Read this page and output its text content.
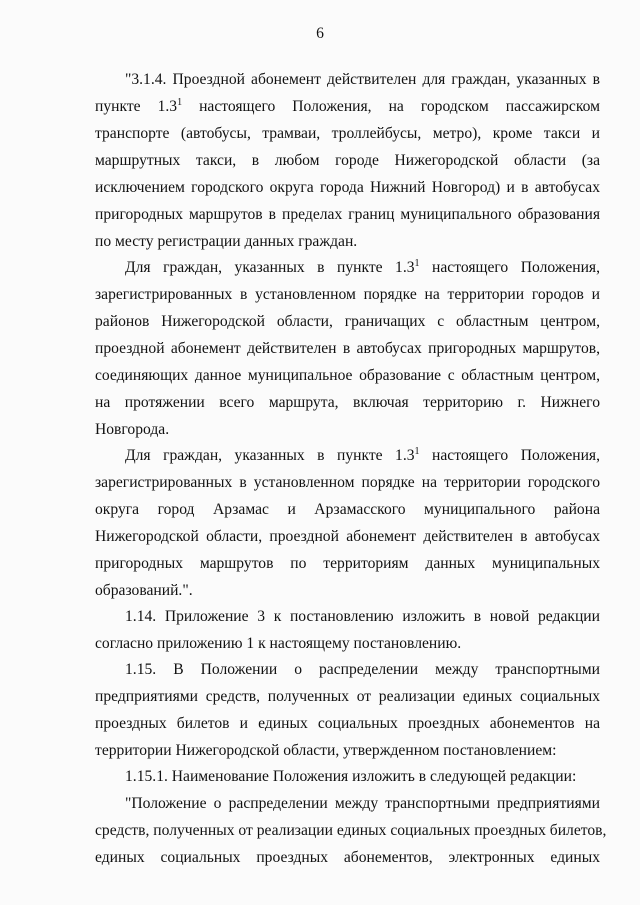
6
"3.1.4. Проездной абонемент действителен для граждан, указанных в
пункте $1.3^1$ настоящего Положения, на городском пассажирском
транспорте (автобусы, трамваи, троллейбусы, метро), кроме такси и
маршрутных такси, в любом городе Нижегородской области (за
исключением городского округа города Нижний Новгород) и в автобусах
пригородных маршрутов в пределах границ муниципального образования
по месту регистрации данных граждан.
Для граждан, указанных в пункте $1.3^1$ настоящего Положения,
зарегистрированных в установленном порядке на территории городов и
районов Нижегородской области, граничащих с областным центром,
проездной абонемент действителен в автобусах пригородных маршрутов,
соединяющих данное муниципальное образование с областным центром,
на протяжении всего маршрута, включая территорию г. Нижнего
Новгорода.
Для граждан, указанных в пункте $1.3^1$ настоящего Положения,
зарегистрированных в установленном порядке на территории городского
округа город Арзамас и Арзамасского муниципального района
Нижегородской области, проездной абонемент действителен в автобусах
пригородных маршрутов по территориям данных муниципальных
образований.".
1.14. Приложение 3 к постановлению изложить в новой редакции
согласно приложению 1 к настоящему постановлению.
1.15. В Положении о распределении между транспортными
предприятиями средств, полученных от реализации единых социальных
проездных билетов и единых социальных проездных абонементов на
территории Нижегородской области, утвержденном постановлением:
1.15.1. Наименование Положения изложить в следующей редакции:
"Положение о распределении между транспортными предприятиями
средств, полученных от реализации единых социальных проездных билетов,
единых социальных проездных абонементов, электронных единых
